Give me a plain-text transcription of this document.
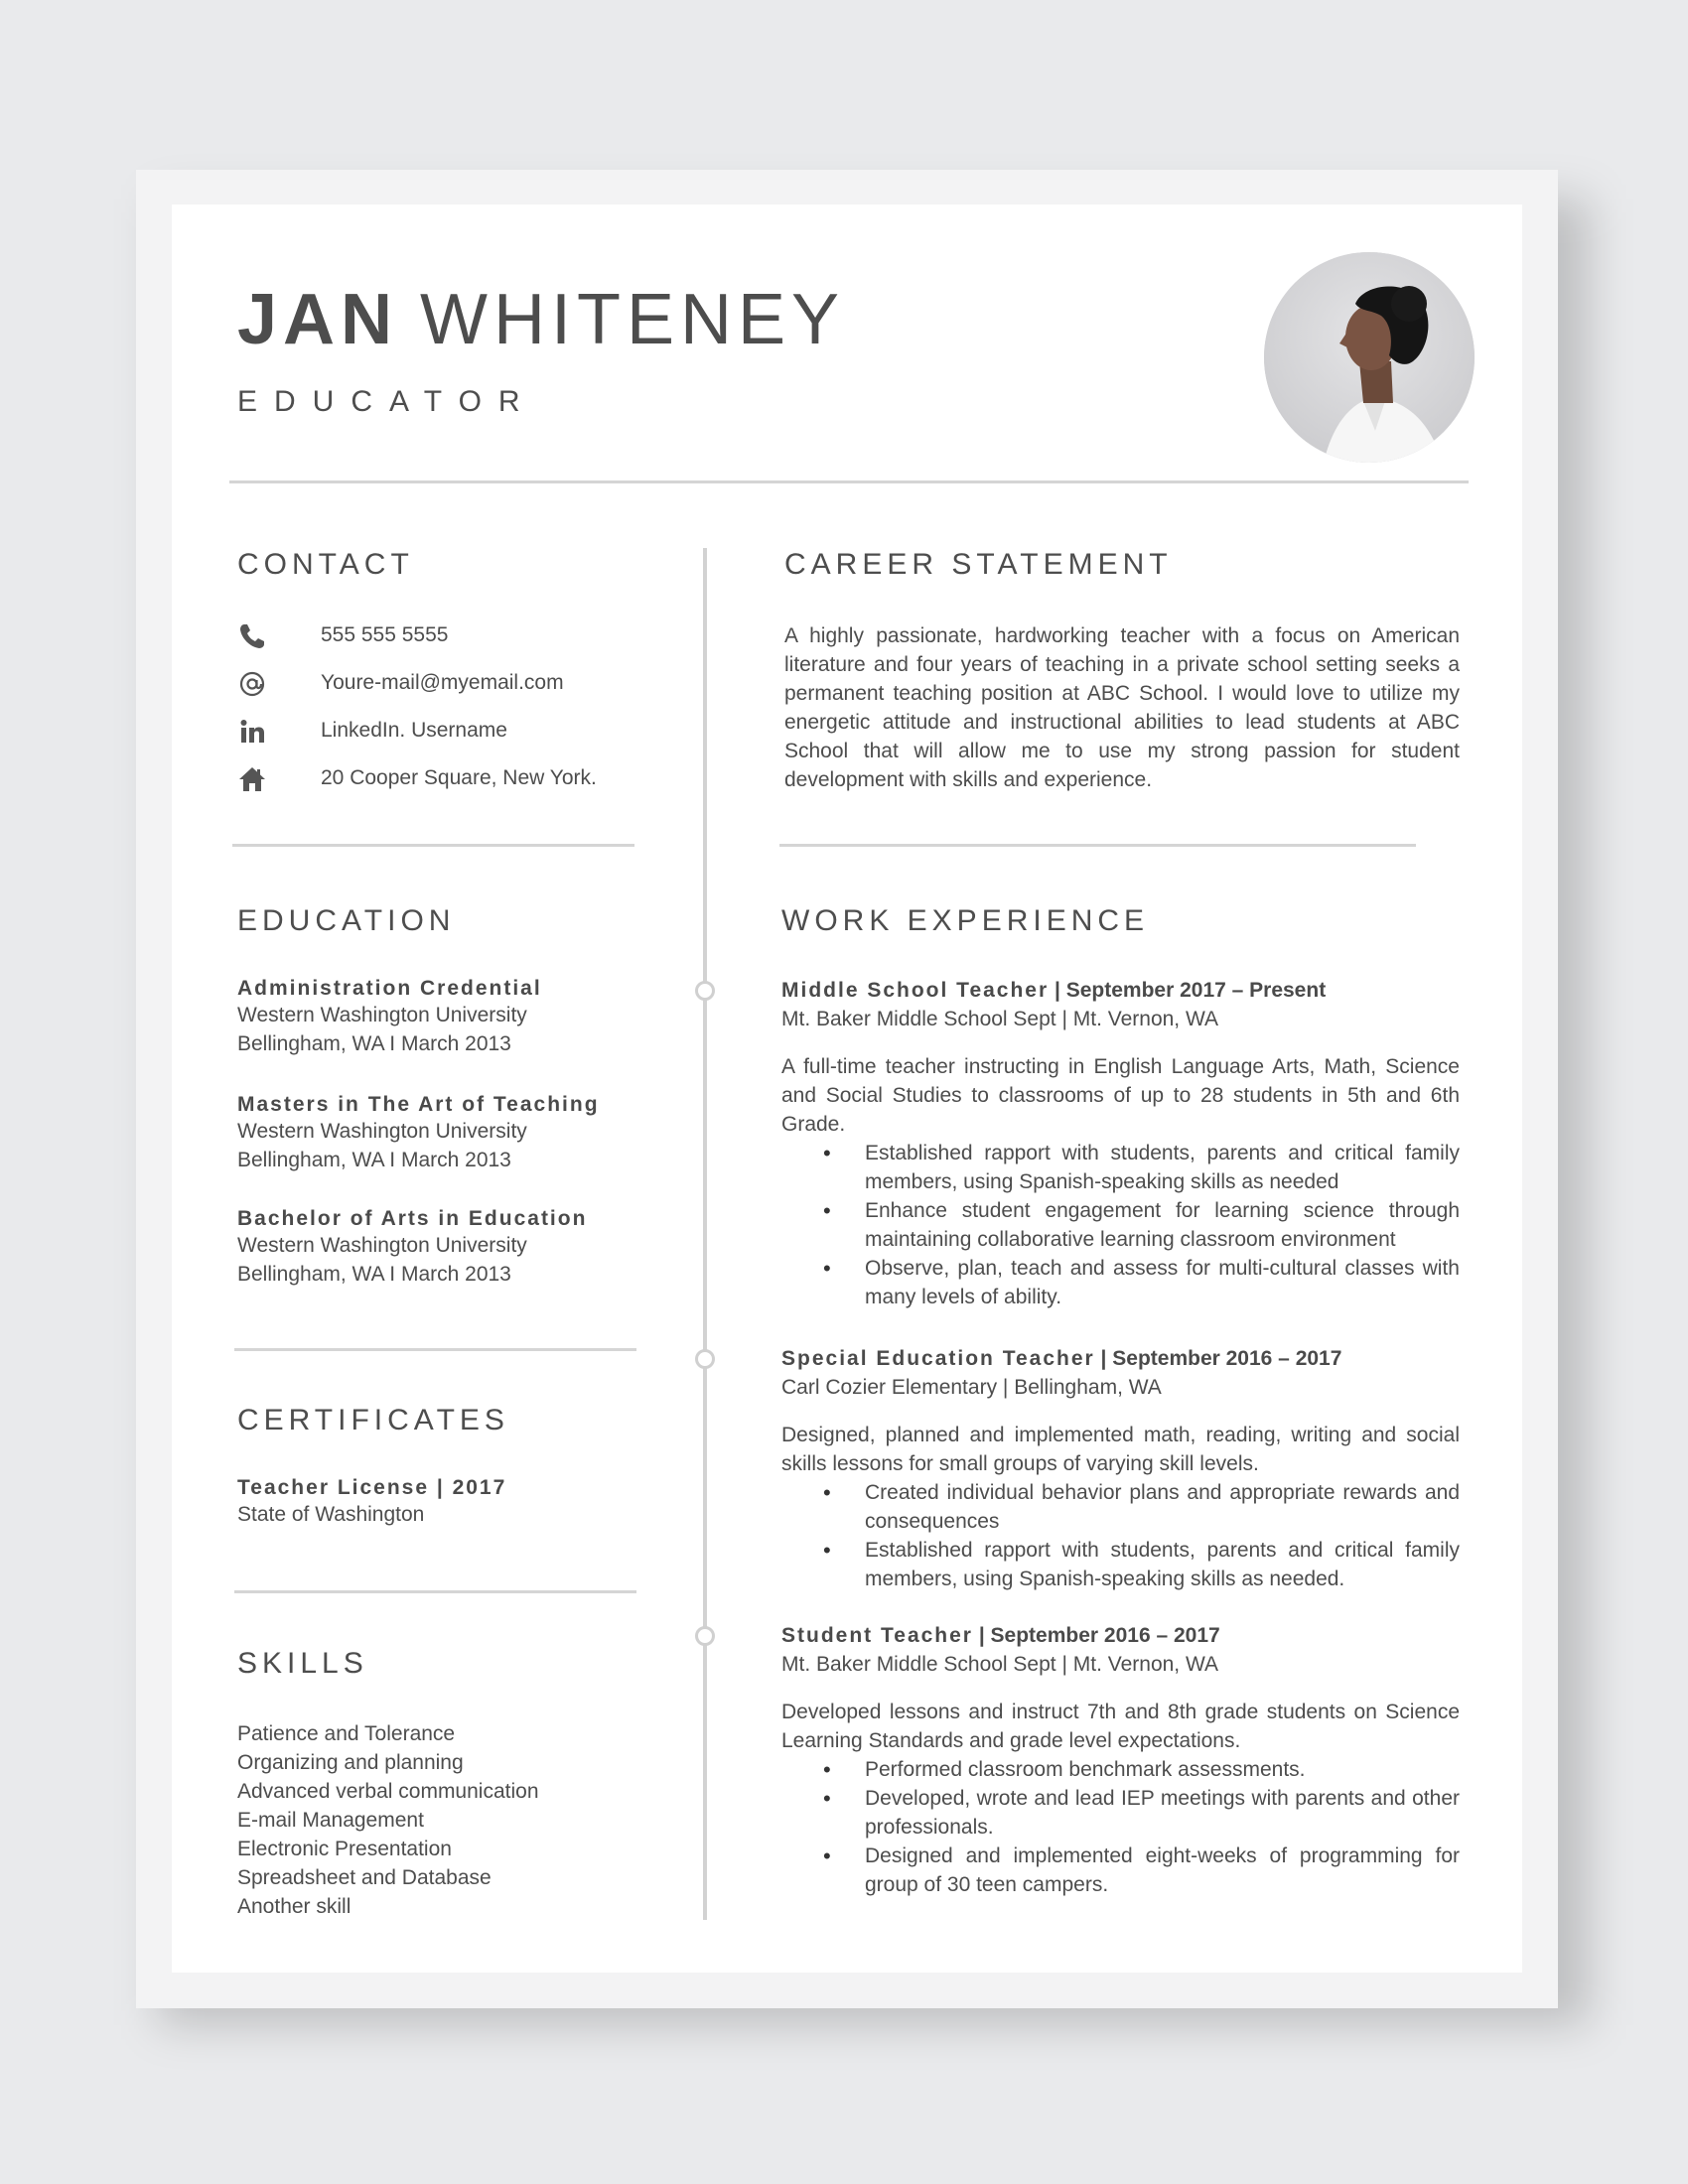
JAN WHITENEY
EDUCATOR
CONTACT
555 555 5555
Youre-mail@myemail.com
LinkedIn. Username
20 Cooper Square, New York.
CAREER STATEMENT

A highly passionate, hardworking teacher with a focus on American literature and four years of teaching in a private school setting seeks a permanent teaching position at ABC School. I would love to utilize my energetic attitude and instructional abilities to lead students at ABC School that will allow me to use my strong passion for student development with skills and experience.

EDUCATION
Administration Credential
Western Washington University
Bellingham, WA I March 2013
Masters in The Art of Teaching
Western Washington University
Bellingham, WA I March 2013
Bachelor of Arts in Education
Western Washington University
Bellingham, WA I March 2013
CERTIFICATES
Teacher License | 2017
State of Washington
SKILLS
Patience and Tolerance
Organizing and planning
Advanced verbal communication
E-mail Management
Electronic Presentation
Spreadsheet and Database
Another skill
WORK EXPERIENCE
Middle School Teacher | September 2017 – Present
Mt. Baker Middle School Sept | Mt. Vernon, WA

A full-time teacher instructing in English Language Arts, Math, Science and Social Studies to classrooms of up to 28 students in 5th and 6th Grade.

• Established rapport with students, parents and critical family members, using Spanish-speaking skills as needed
• Enhance student engagement for learning science through maintaining collaborative learning classroom environment
• Observe, plan, teach and assess for multi-cultural classes with many levels of ability.
Special Education Teacher | September 2016 – 2017
Carl Cozier Elementary | Bellingham, WA

Designed, planned and implemented math, reading, writing and social skills lessons for small groups of varying skill levels.

• Created individual behavior plans and appropriate rewards and consequences
• Established rapport with students, parents and critical family members, using Spanish-speaking skills as needed.
Student Teacher | September 2016 – 2017
Mt. Baker Middle School Sept | Mt. Vernon, WA

Developed lessons and instruct 7th and 8th grade students on Science Learning Standards and grade level expectations.

• Performed classroom benchmark assessments.
• Developed, wrote and lead IEP meetings with parents and other professionals.
• Designed and implemented eight-weeks of programming for group of 30 teen campers.
